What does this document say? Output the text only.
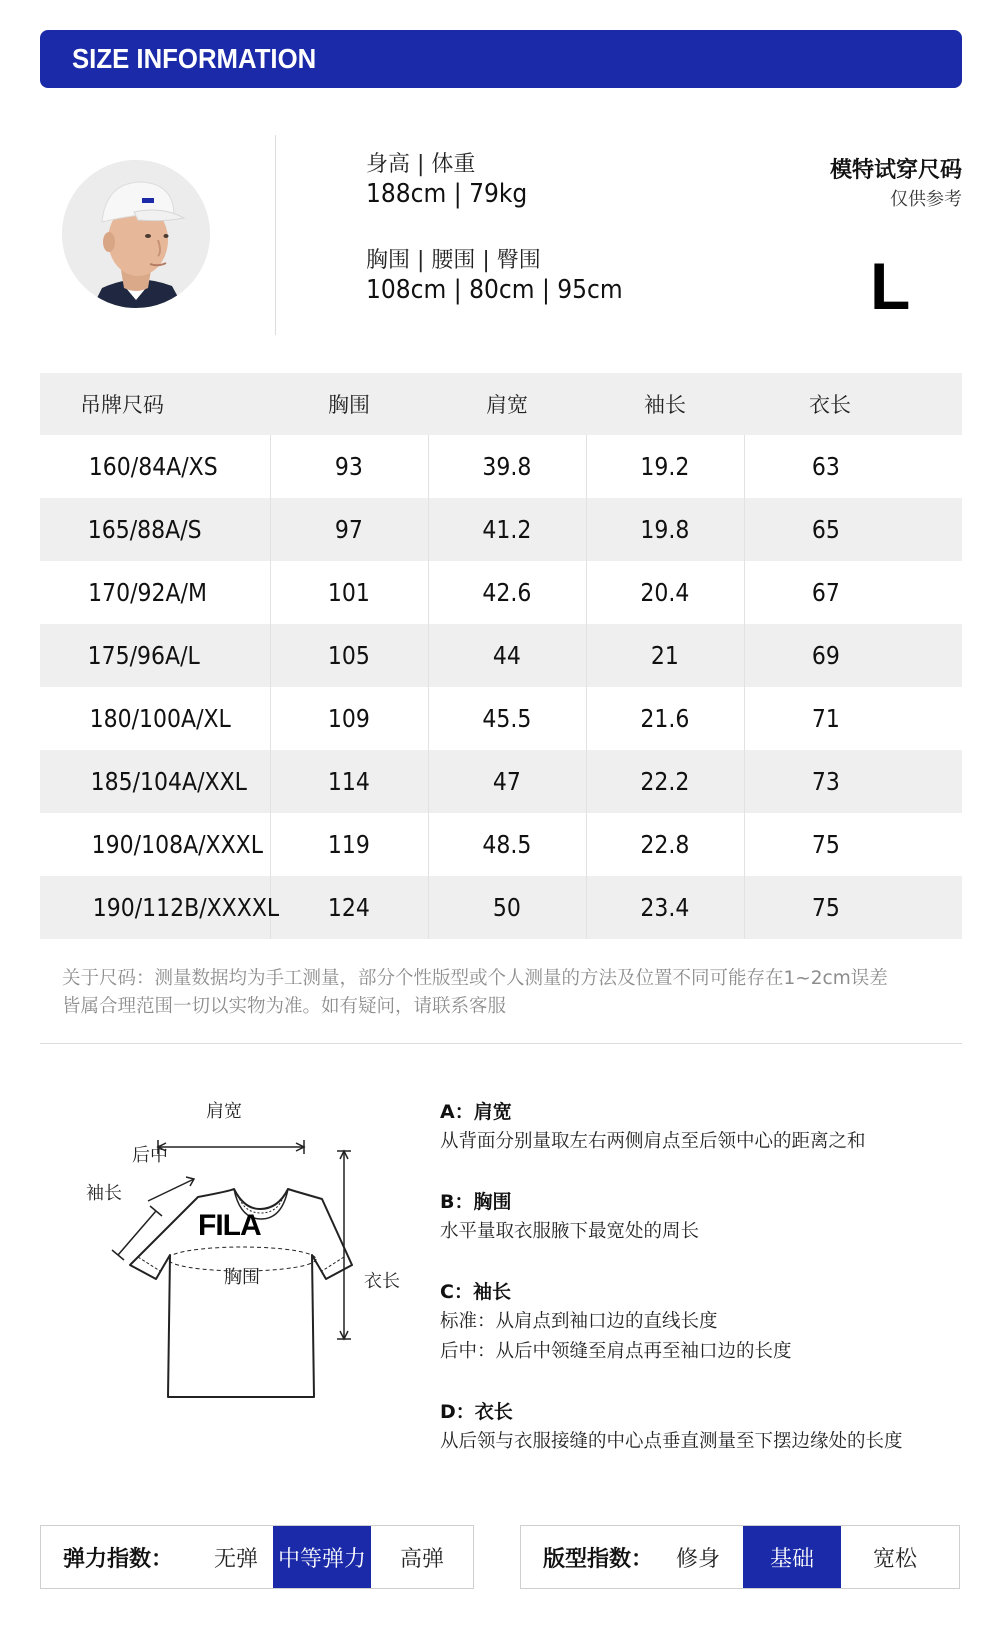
SIZE INFORMATION
身高 | 体重
188cm | 79kg
胸围 | 腰围 | 臀围
108cm | 80cm | 95cm
模特试穿尺码
仅供参考
L
吊牌尺码	胸围	肩宽	袖长	衣长
160/84A/XS	93	39.8	19.2	63
165/88A/S	97	41.2	19.8	65
170/92A/M	101	42.6	20.4	67
175/96A/L	105	44	21	69
180/100A/XL	109	45.5	21.6	71
185/104A/XXL	114	47	22.2	73
190/108A/XXXL	119	48.5	22.8	75
190/112B/XXXXL	124	50	23.4	75
关于尺码：测量数据均为手工测量，部分个性版型或个人测量的方法及位置不同可能存在1~2cm误差
皆属合理范围一切以实物为准。如有疑问，请联系客服
肩宽
后中
袖长
胸围	衣长
FILA
A：肩宽
从背面分别量取左右两侧肩点至后领中心的距离之和
B：胸围
水平量取衣服腋下最宽处的周长
C：袖长
标准：从肩点到袖口边的直线长度
后中：从后中领缝至肩点再至袖口边的长度
D：衣长
从后领与衣服接缝的中心点垂直测量至下摆边缘处的长度
弹力指数：	无弹 中等弹力	高弹	版型指数：	修身	基础	宽松
